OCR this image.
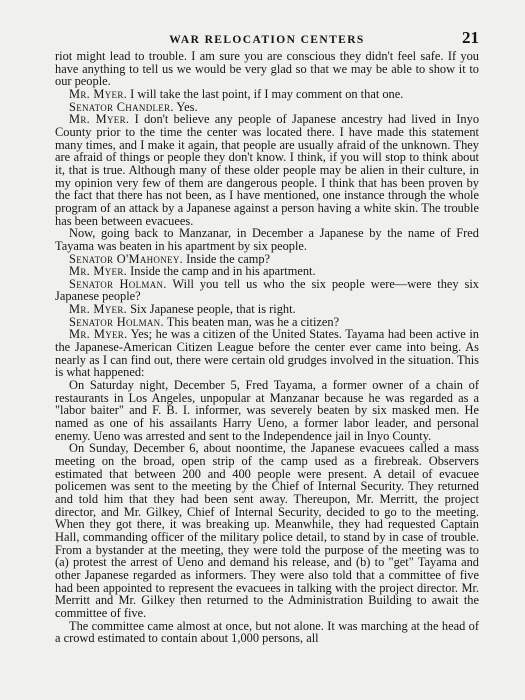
WAR RELOCATION CENTERS	21

riot might lead to trouble. I am sure you are conscious they didn't feel safe. If you have anything to tell us we would be very glad so that we may be able to show it to our people.

Mr. Myer. I will take the last point, if I may comment on that one.

Senator Chandler. Yes.

Mr. Myer. I don't believe any people of Japanese ancestry had lived in Inyo County prior to the time the center was located there. I have made this statement many times, and I make it again, that people are usually afraid of the unknown. They are afraid of things or people they don't know. I think, if you will stop to think about it, that is true. Although many of these older people may be alien in their culture, in my opinion very few of them are dangerous people. I think that has been proven by the fact that there has not been, as I have mentioned, one instance through the whole program of an attack by a Japanese against a person having a white skin. The trouble has been between evacuees.

Now, going back to Manzanar, in December a Japanese by the name of Fred Tayama was beaten in his apartment by six people.

Senator O'Mahoney. Inside the camp?

Mr. Myer. Inside the camp and in his apartment.

Senator Holman. Will you tell us who the six people were—were they six Japanese people?

Mr. Myer. Six Japanese people, that is right.

Senator Holman. This beaten man, was he a citizen?

Mr. Myer. Yes; he was a citizen of the United States. Tayama had been active in the Japanese-American Citizen League before the center ever came into being. As nearly as I can find out, there were certain old grudges involved in the situation. This is what happened:

On Saturday night, December 5, Fred Tayama, a former owner of a chain of restaurants in Los Angeles, unpopular at Manzanar because he was regarded as a "labor baiter" and F. B. I. informer, was severely beaten by six masked men. He named as one of his assailants Harry Ueno, a former labor leader, and personal enemy. Ueno was arrested and sent to the Independence jail in Inyo County.

On Sunday, December 6, about noontime, the Japanese evacuees called a mass meeting on the broad, open strip of the camp used as a firebreak. Observers estimated that between 200 and 400 people were present. A detail of evacuee policemen was sent to the meeting by the Chief of Internal Security. They returned and told him that they had been sent away. Thereupon, Mr. Merritt, the project director, and Mr. Gilkey, Chief of Internal Security, decided to go to the meeting. When they got there, it was breaking up. Meanwhile, they had requested Captain Hall, commanding officer of the military police detail, to stand by in case of trouble. From a bystander at the meeting, they were told the purpose of the meeting was to (a) protest the arrest of Ueno and demand his release, and (b) to "get" Tayama and other Japanese regarded as informers. They were also told that a committee of five had been appointed to represent the evacuees in talking with the project director. Mr. Merritt and Mr. Gilkey then returned to the Administration Building to await the committee of five.

The committee came almost at once, but not alone. It was marching at the head of a crowd estimated to contain about 1,000 persons, all
